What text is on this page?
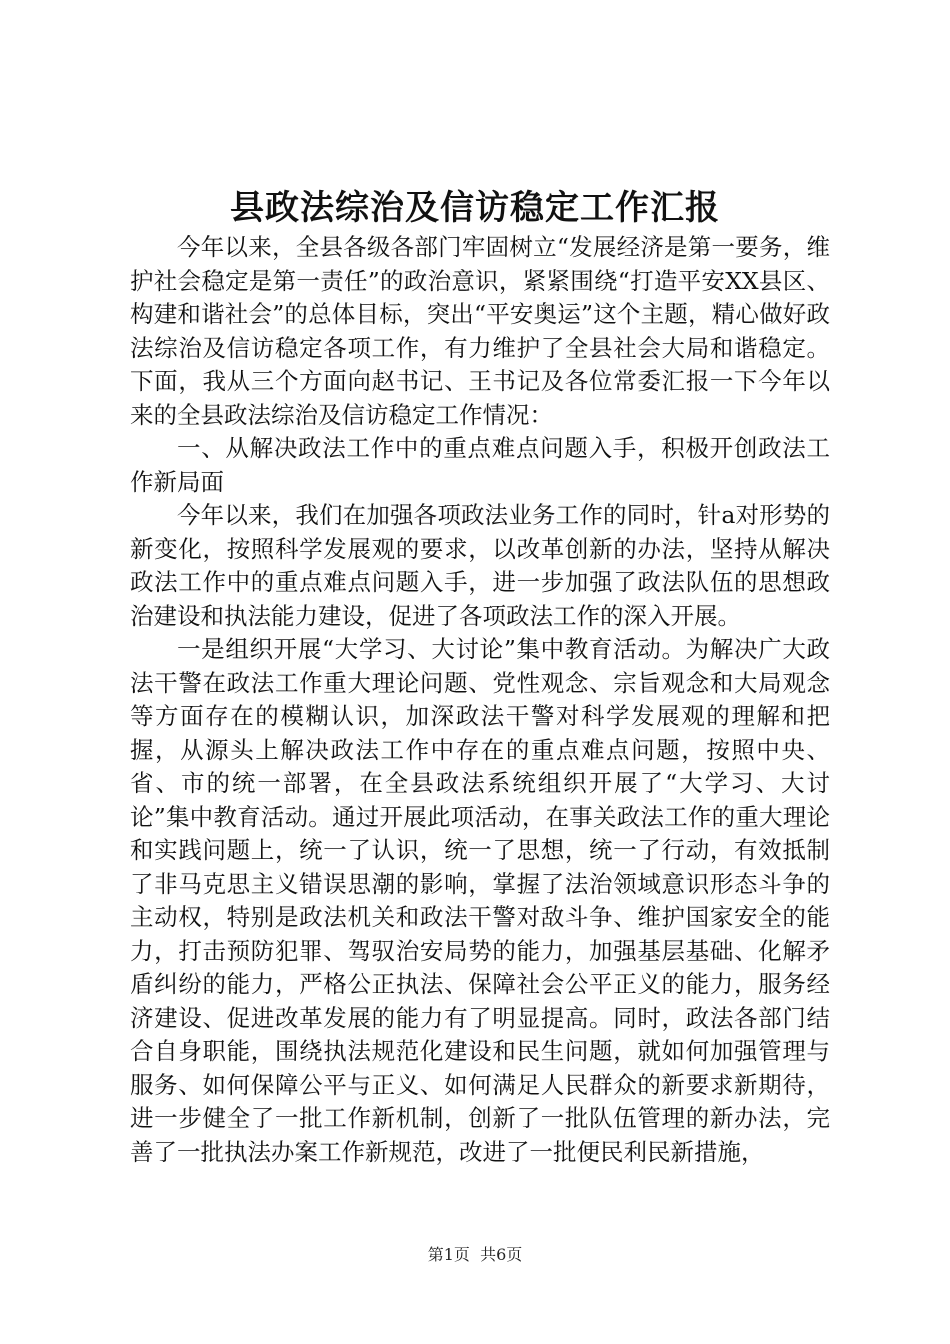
县政法综治及信访稳定工作汇报

今年以来，全县各级各部门牢固树立“发展经济是第一要务，维护社会稳定是第一责任”的政治意识，紧紧围绕“打造平安XX县区、构建和谐社会”的总体目标，突出“平安奥运”这个主题，精心做好政法综治及信访稳定各项工作，有力维护了全县社会大局和谐稳定。下面，我从三个方面向赵书记、王书记及各位常委汇报一下今年以来的全县政法综治及信访稳定工作情况：

一、从解决政法工作中的重点难点问题入手，积极开创政法工作新局面

今年以来，我们在加强各项政法业务工作的同时，针a对形势的新变化，按照科学发展观的要求，以改革创新的办法，坚持从解决政法工作中的重点难点问题入手，进一步加强了政法队伍的思想政治建设和执法能力建设，促进了各项政法工作的深入开展。

一是组织开展“大学习、大讨论”集中教育活动。为解决广大政法干警在政法工作重大理论问题、党性观念、宗旨观念和大局观念等方面存在的模糊认识，加深政法干警对科学发展观的理解和把握，从源头上解决政法工作中存在的重点难点问题，按照中央、省、市的统一部署，在全县政法系统组织开展了“大学习、大讨论”集中教育活动。通过开展此项活动，在事关政法工作的重大理论和实践问题上，统一了认识，统一了思想，统一了行动，有效抵制了非马克思主义错误思潮的影响，掌握了法治领域意识形态斗争的主动权，特别是政法机关和政法干警对敌斗争、维护国家安全的能力，打击预防犯罪、驾驭治安局势的能力，加强基层基础、化解矛盾纠纷的能力，严格公正执法、保障社会公平正义的能力，服务经济建设、促进改革发展的能力有了明显提高。同时，政法各部门结合自身职能，围绕执法规范化建设和民生问题，就如何加强管理与服务、如何保障公平与正义、如何满足人民群众的新要求新期待，进一步健全了一批工作新机制，创新了一批队伍管理的新办法，完善了一批执法办案工作新规范，改进了一批便民利民新措施，

第1页 共6页
